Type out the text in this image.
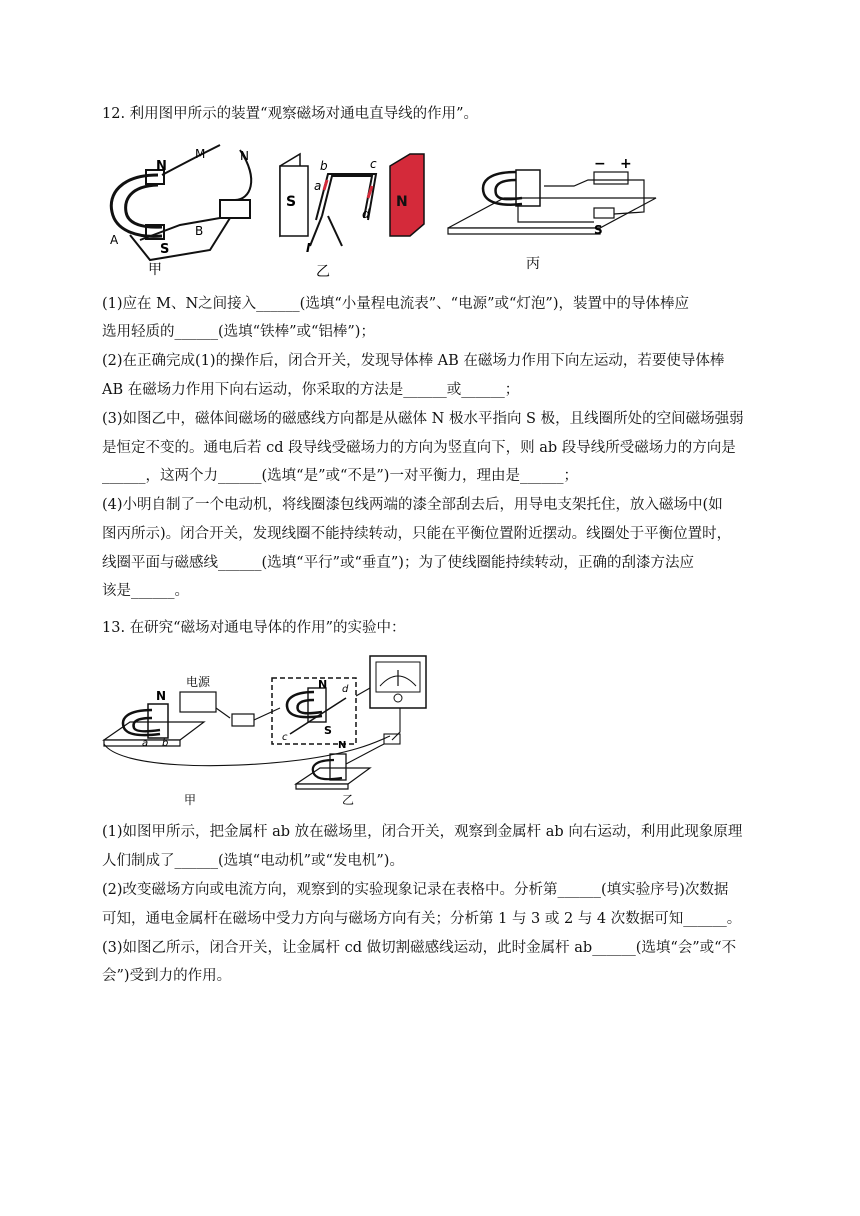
12. 利用图甲所示的装置“观察磁场对通电直导线的作用”。
N
S
M	N
A
B
甲
S	N
b	c
a
d
I
乙
− +
S
丙
(1)应在 M、N之间接入______(选填“小量程电流表”、“电源”或“灯泡”)，装置中的导体棒应
选用轻质的______(选填“铁棒”或“铝棒”)；
(2)在正确完成(1)的操作后，闭合开关，发现导体棒 AB 在磁场力作用下向左运动，若要使导体棒
AB 在磁场力作用下向右运动，你采取的方法是______或______；
(3)如图乙中，磁体间磁场的磁感线方向都是从磁体 N 极水平指向 S 极，且线圈所处的空间磁场强弱
是恒定不变的。通电后若 cd 段导线受磁场力的方向为竖直向下，则 ab 段导线所受磁场力的方向是
______，这两个力______(选填“是”或“不是”)一对平衡力，理由是______；
(4)小明自制了一个电动机，将线圈漆包线两端的漆全部刮去后，用导电支架托住，放入磁场中(如
图丙所示)。闭合开关，发现线圈不能持续转动，只能在平衡位置附近摆动。线圈处于平衡位置时，
线圈平面与磁感线______(选填“平行”或“垂直”)；为了使线圈能持续转动，正确的刮漆方法应
该是______。
13. 在研究“磁场对通电导体的作用”的实验中：
N
a b
电源	N
S
d
c
N
甲	乙
(1)如图甲所示，把金属杆 ab 放在磁场里，闭合开关，观察到金属杆 ab 向右运动，利用此现象原理
人们制成了______(选填“电动机”或“发电机”)。
(2)改变磁场方向或电流方向，观察到的实验现象记录在表格中。分析第______(填实验序号)次数据
可知，通电金属杆在磁场中受力方向与磁场方向有关；分析第 1 与 3 或 2 与 4 次数据可知______。
(3)如图乙所示，闭合开关，让金属杆 cd 做切割磁感线运动，此时金属杆 ab______(选填“会”或“不
会”)受到力的作用。
